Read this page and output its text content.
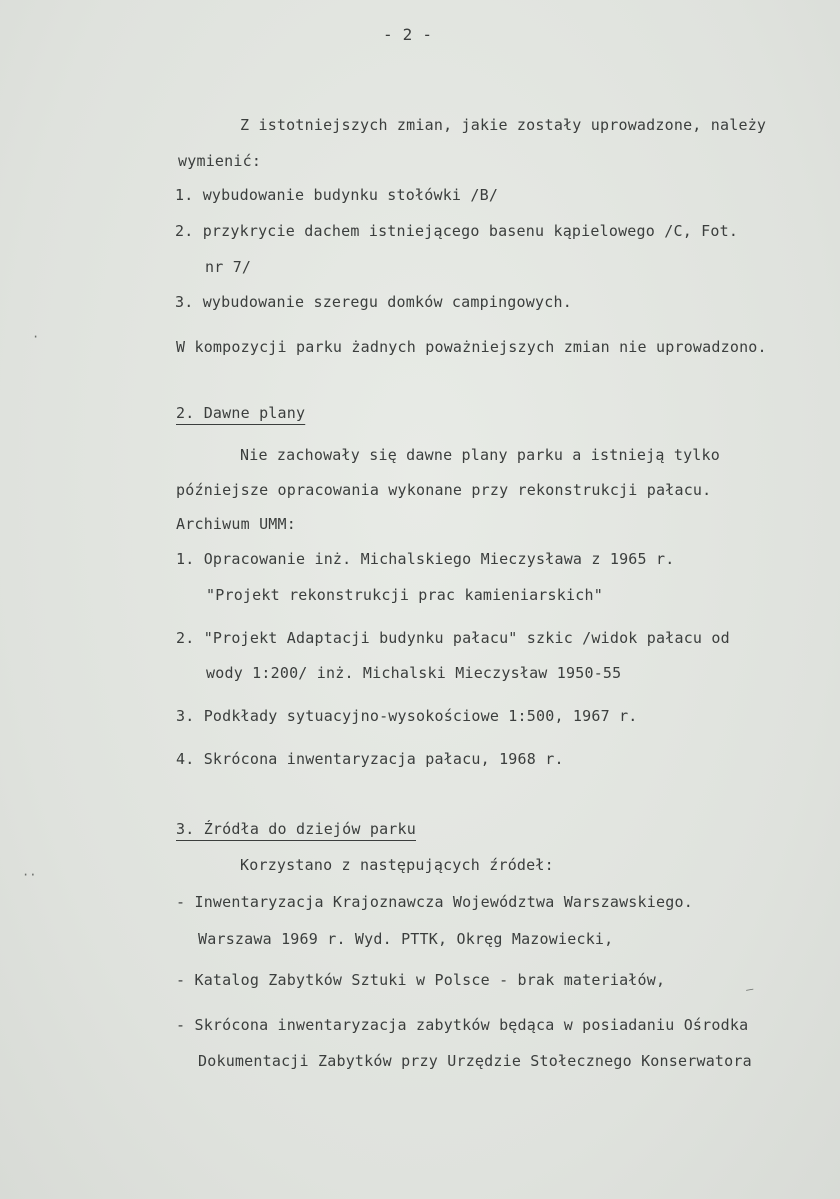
- 2 -
Z istotniejszych zmian, jakie zostały uprowadzone, należy
wymienić:
1. wybudowanie budynku stołówki /B/
2. przykrycie dachem istniejącego basenu kąpielowego /C, Fot.
nr 7/
3. wybudowanie szeregu domków campingowych.
W kompozycji parku żadnych poważniejszych zmian nie uprowadzono.
2. Dawne plany
Nie zachowały się dawne plany parku a istnieją tylko
późniejsze opracowania wykonane przy rekonstrukcji pałacu.
Archiwum UMM:
1. Opracowanie inż. Michalskiego Mieczysława z 1965 r.
"Projekt rekonstrukcji prac kamieniarskich"
2. "Projekt Adaptacji budynku pałacu" szkic /widok pałacu od
wody 1:200/ inż. Michalski Mieczysław 1950-55
3. Podkłady sytuacyjno-wysokościowe 1:500, 1967 r.
4. Skrócona inwentaryzacja pałacu, 1968 r.
3. Źródła do dziejów parku
Korzystano z następujących źródeł:
- Inwentaryzacja Krajoznawcza Województwa Warszawskiego.
Warszawa 1969 r. Wyd. PTTK, Okręg Mazowiecki,
- Katalog Zabytków Sztuki w Polsce - brak materiałów,
- Skrócona inwentaryzacja zabytków będąca w posiadaniu Ośrodka
Dokumentacji Zabytków przy Urzędzie Stołecznego Konserwatora
·
··
—
